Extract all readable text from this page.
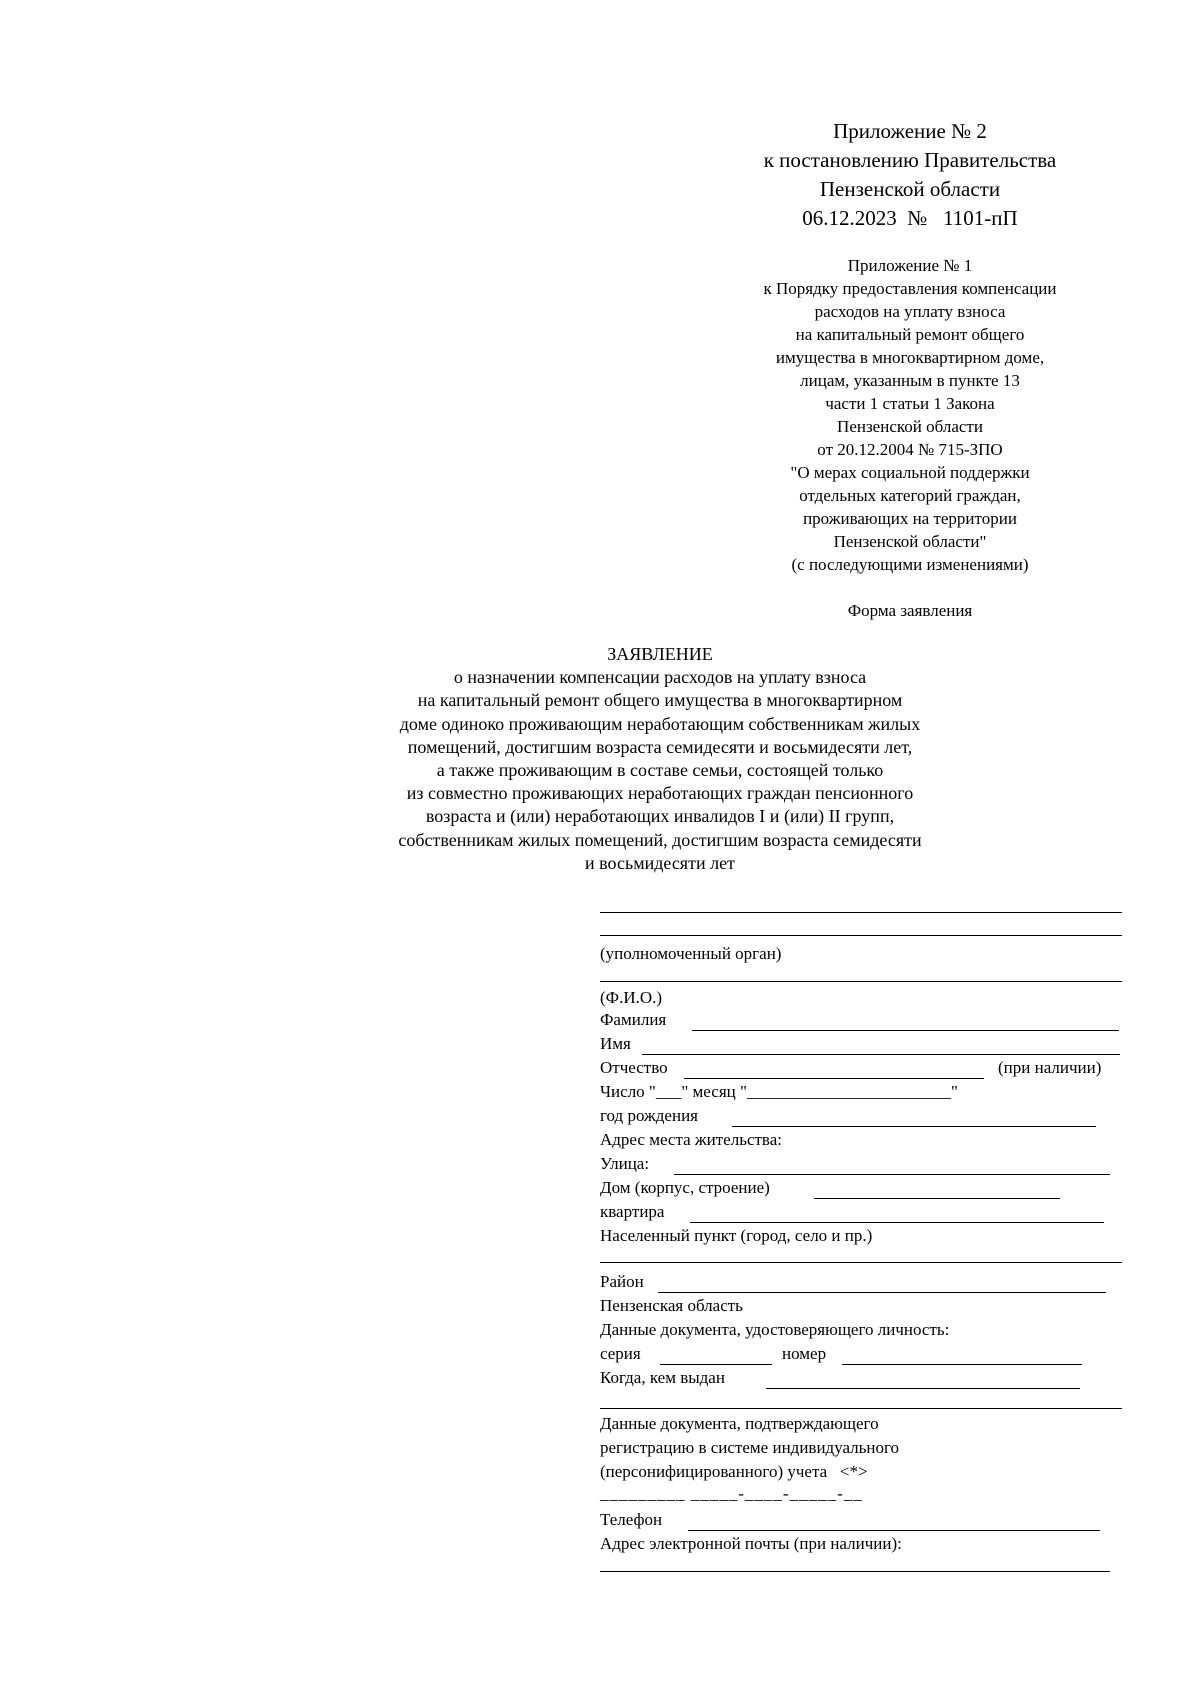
Приложение № 2
к постановлению Правительства
Пензенской области
06.12.2023 № 1101-пП
Приложение № 1
к Порядку предоставления компенсации
расходов на уплату взноса
на капитальный ремонт общего
имущества в многоквартирном доме,
лицам, указанным в пункте 13
части 1 статьи 1 Закона
Пензенской области
от 20.12.2004 № 715-ЗПО
"О мерах социальной поддержки
отдельных категорий граждан,
проживающих на территории
Пензенской области"
(с последующими изменениями)
Форма заявления
ЗАЯВЛЕНИЕ
о назначении компенсации расходов на уплату взноса
на капитальный ремонт общего имущества в многоквартирном
доме одиноко проживающим неработающим собственникам жилых
помещений, достигшим возраста семидесяти и восьмидесяти лет,
а также проживающим в составе семьи, состоящей только
из совместно проживающих неработающих граждан пенсионного
возраста и (или) неработающих инвалидов I и (или) II групп,
собственникам жилых помещений, достигшим возраста семидесяти
и восьмидесяти лет
(уполномоченный орган)
(Ф.И.О.)
Фамилия
Имя
Отчество	(при наличии)
Число "___" месяц "________________________"
год рождения
Адрес места жительства:
Улица:
Дом (корпус, строение)
квартира
Населенный пункт (город, село и пр.)
Район
Пензенская область
Данные документа, удостоверяющего личность:
серия	номер
Когда, кем выдан
Данные документа, подтверждающего
регистрацию в системе индивидуального
(персонифицированного) учета <*>
_________ _____-____-_____-__
Телефон
Адрес электронной почты (при наличии):
